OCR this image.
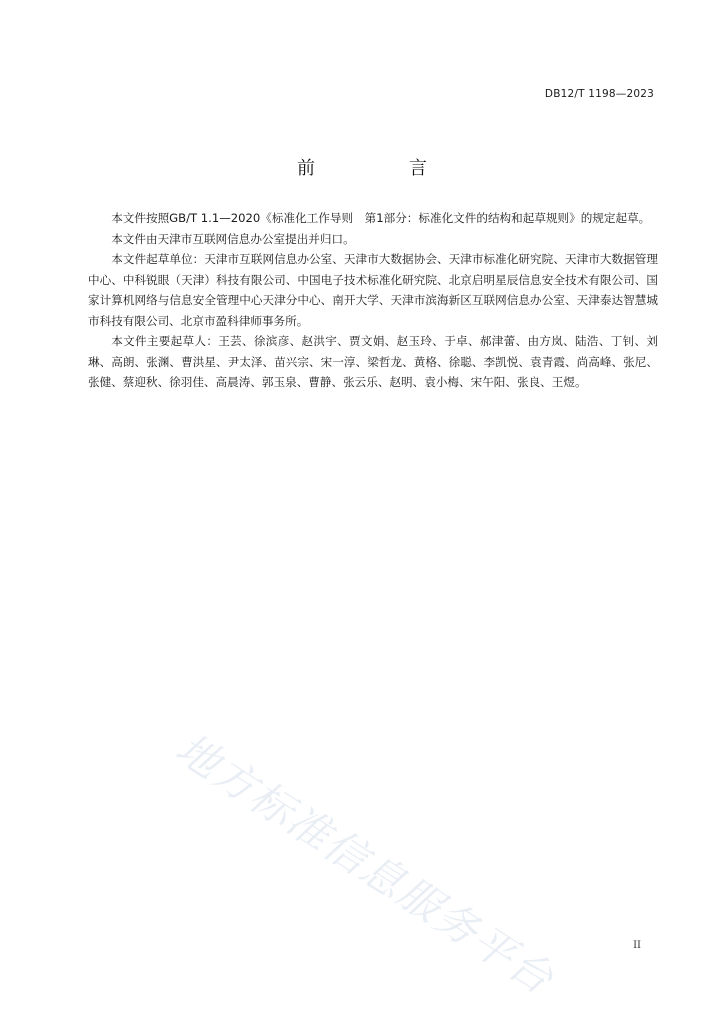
DB12/T 1198—2023
前　言

本文件按照GB/T 1.1—2020《标准化工作导则　第1部分：标准化文件的结构和起草规则》的规定起草。

本文件由天津市互联网信息办公室提出并归口。

本文件起草单位：天津市互联网信息办公室、天津市大数据协会、天津市标准化研究院、天津市大数据管理中心、中科锐眼（天津）科技有限公司、中国电子技术标准化研究院、北京启明星辰信息安全技术有限公司、国家计算机网络与信息安全管理中心天津分中心、南开大学、天津市滨海新区互联网信息办公室、天津泰达智慧城市科技有限公司、北京市盈科律师事务所。

本文件主要起草人：王芸、徐滨彦、赵洪宇、贾文娟、赵玉玲、于卓、郝津蕾、由方岚、陆浩、丁钊、刘琳、高朗、张渊、曹洪星、尹太泽、苗兴宗、宋一淳、梁哲龙、黄格、徐聪、李凯悦、袁青霞、尚高峰、张尼、张健、蔡迎秋、徐羽佳、高晨涛、郭玉泉、曹静、张云乐、赵明、袁小梅、宋午阳、张良、王煜。

地方标准信息服务平台	II
